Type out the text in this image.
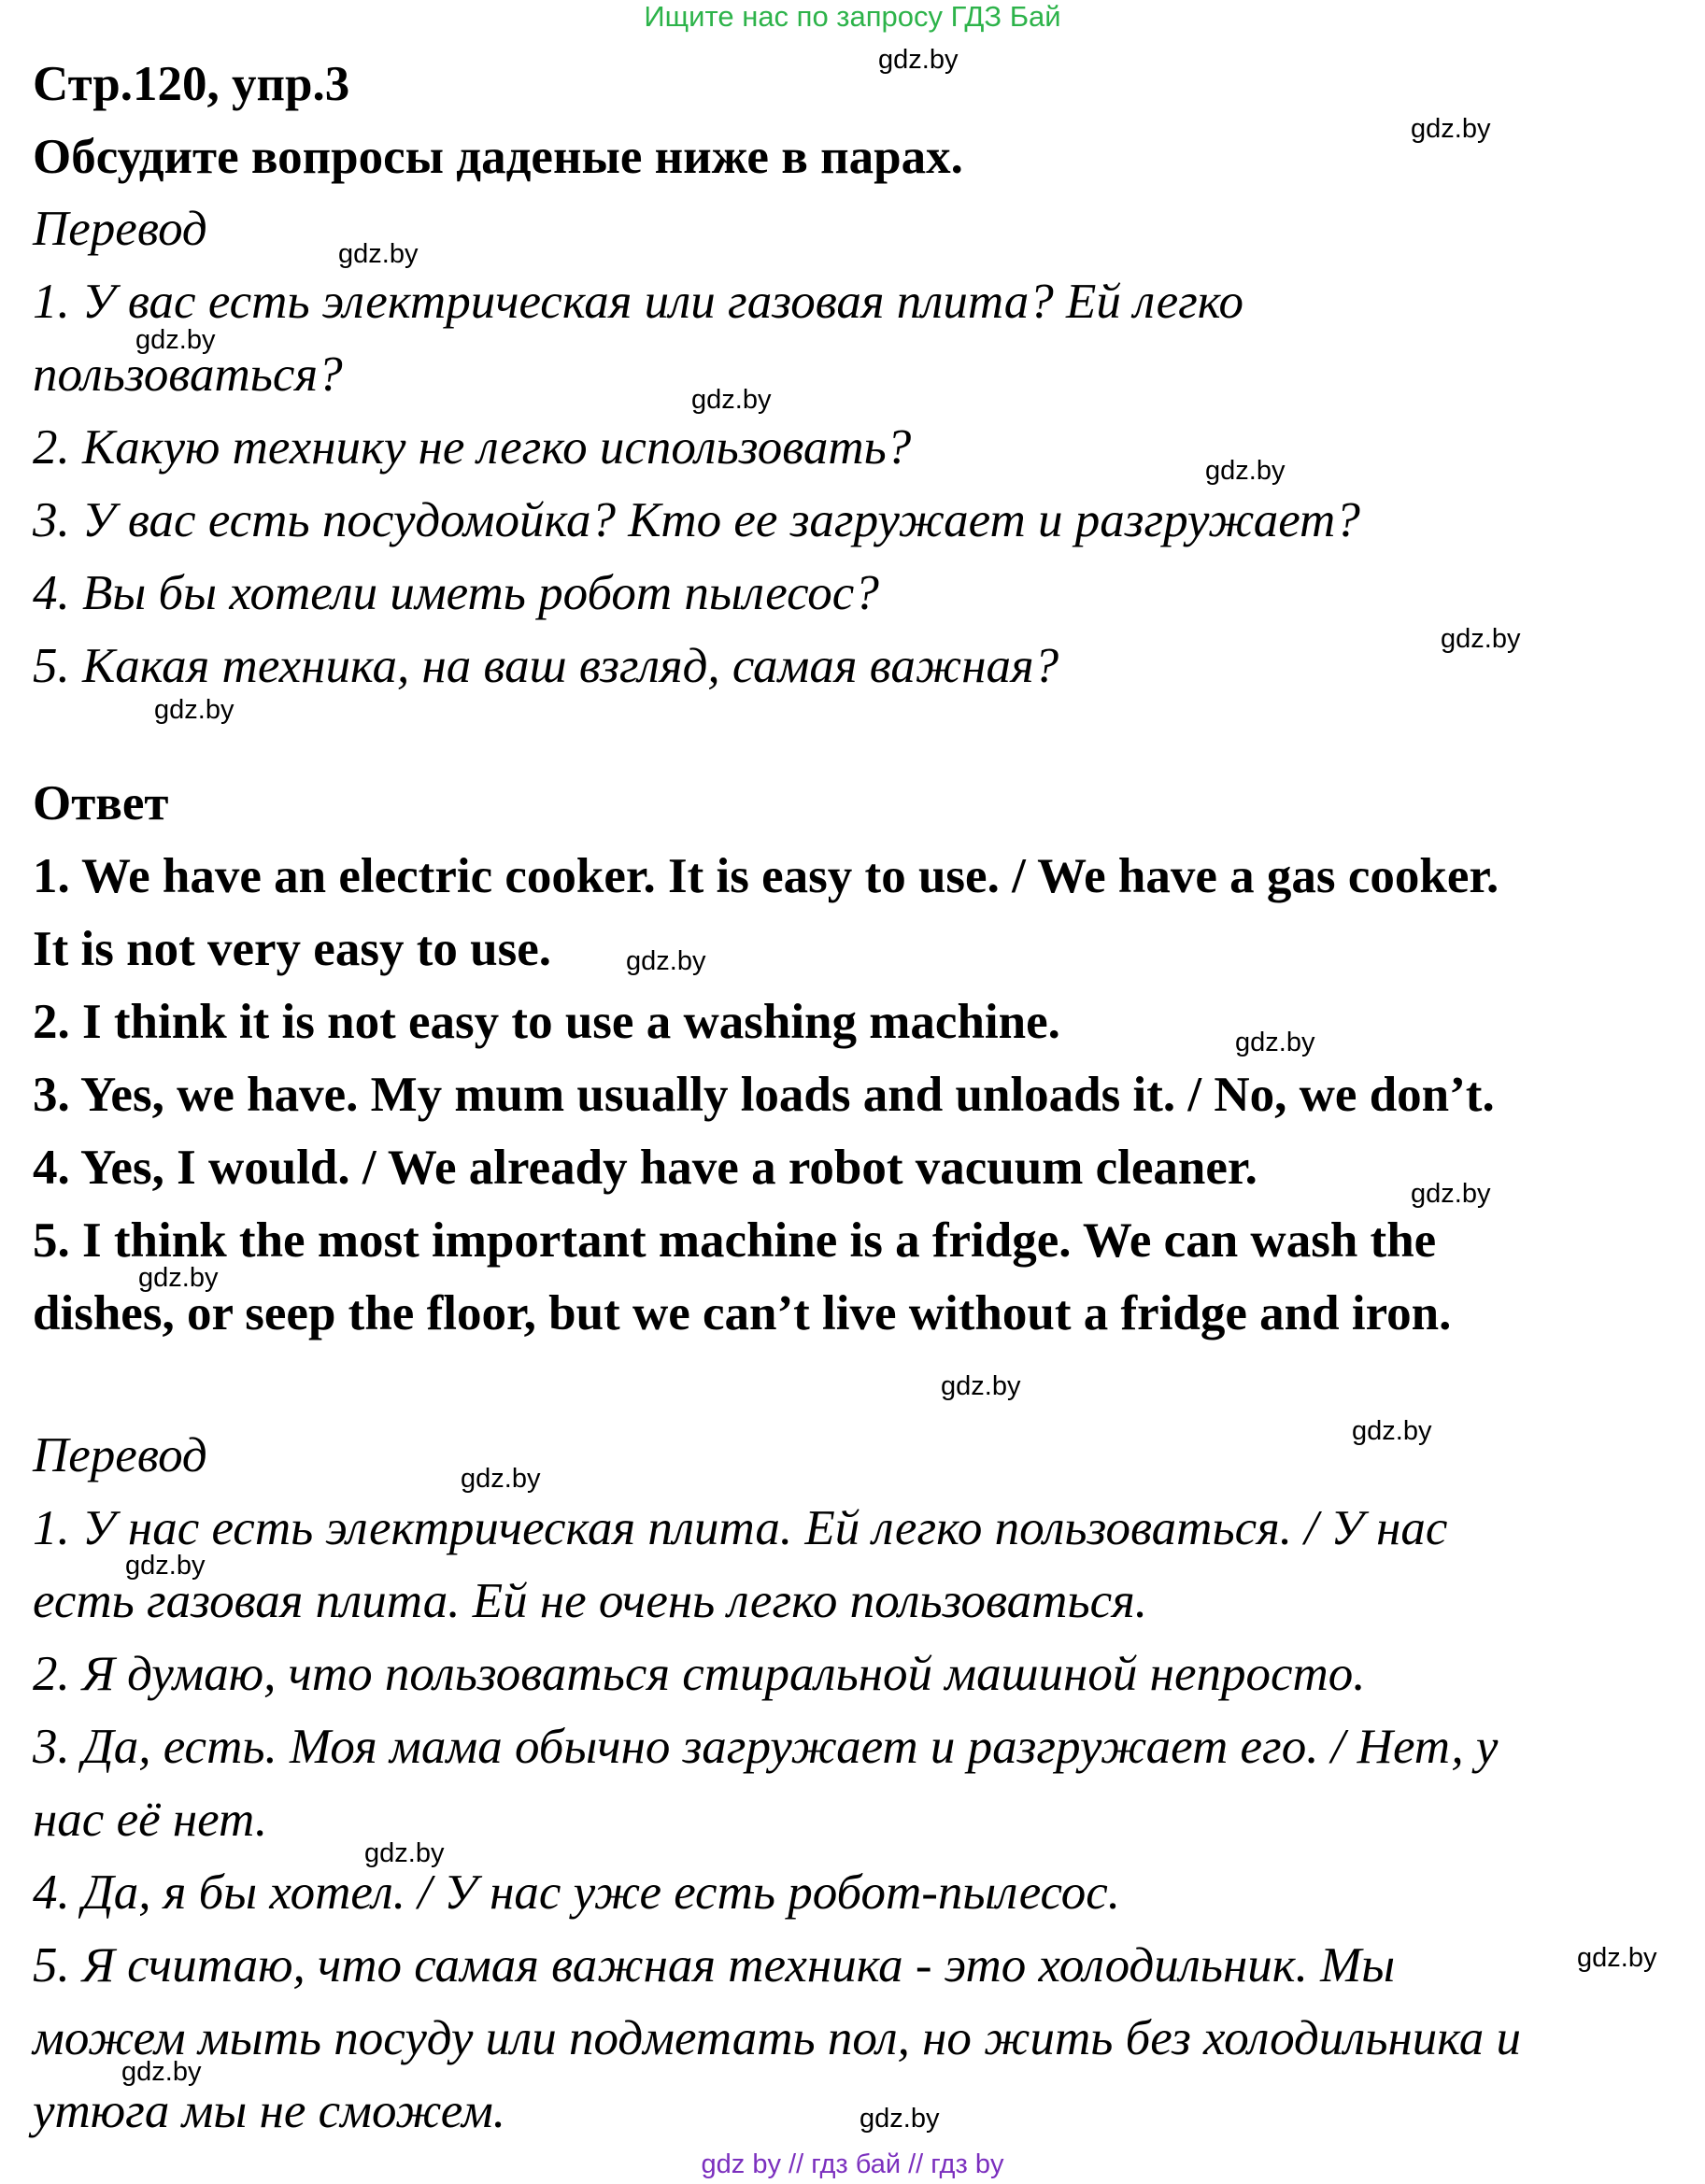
Ищите нас по запросу ГДЗ Бай
Стр.120, упр.3
Обсудите вопросы даденые ниже в парах.
Перевод
1. У вас есть электрическая или газовая плита? Ей легко
пользоваться?
2. Какую технику не легко использовать?
3. У вас есть посудомойка? Кто ее загружает и разгружает?
4. Вы бы хотели иметь робот пылесос?
5. Какая техника, на ваш взгляд, самая важная?
Ответ
1. We have an electric cooker. It is easy to use. / We have a gas cooker.
It is not very easy to use.
2. I think it is not easy to use a washing machine.
3. Yes, we have. My mum usually loads and unloads it. / No, we don’t.
4. Yes, I would. / We already have a robot vacuum cleaner.
5. I think the most important machine is a fridge. We can wash the
dishes, or seep the floor, but we can’t live without a fridge and iron.
Перевод
1. У нас есть электрическая плита. Ей легко пользоваться. / У нас
есть газовая плита. Ей не очень легко пользоваться.
2. Я думаю, что пользоваться стиральной машиной непросто.
3. Да, есть. Моя мама обычно загружает и разгружает его. / Нет, у
нас её нет.
4. Да, я бы хотел. / У нас уже есть робот-пылесос.
5. Я считаю, что самая важная техника - это холодильник. Мы
можем мыть посуду или подметать пол, но жить без холодильника и
утюга мы не сможем.
gdz.by
gdz.by
gdz.by
gdz.by
gdz.by
gdz.by
gdz.by
gdz.by
gdz.by
gdz.by
gdz.by
gdz.by
gdz.by
gdz.by
gdz.by
gdz.by
gdz.by
gdz.by
gdz.by
gdz.by
gdz by // гдз бай // гдз by
